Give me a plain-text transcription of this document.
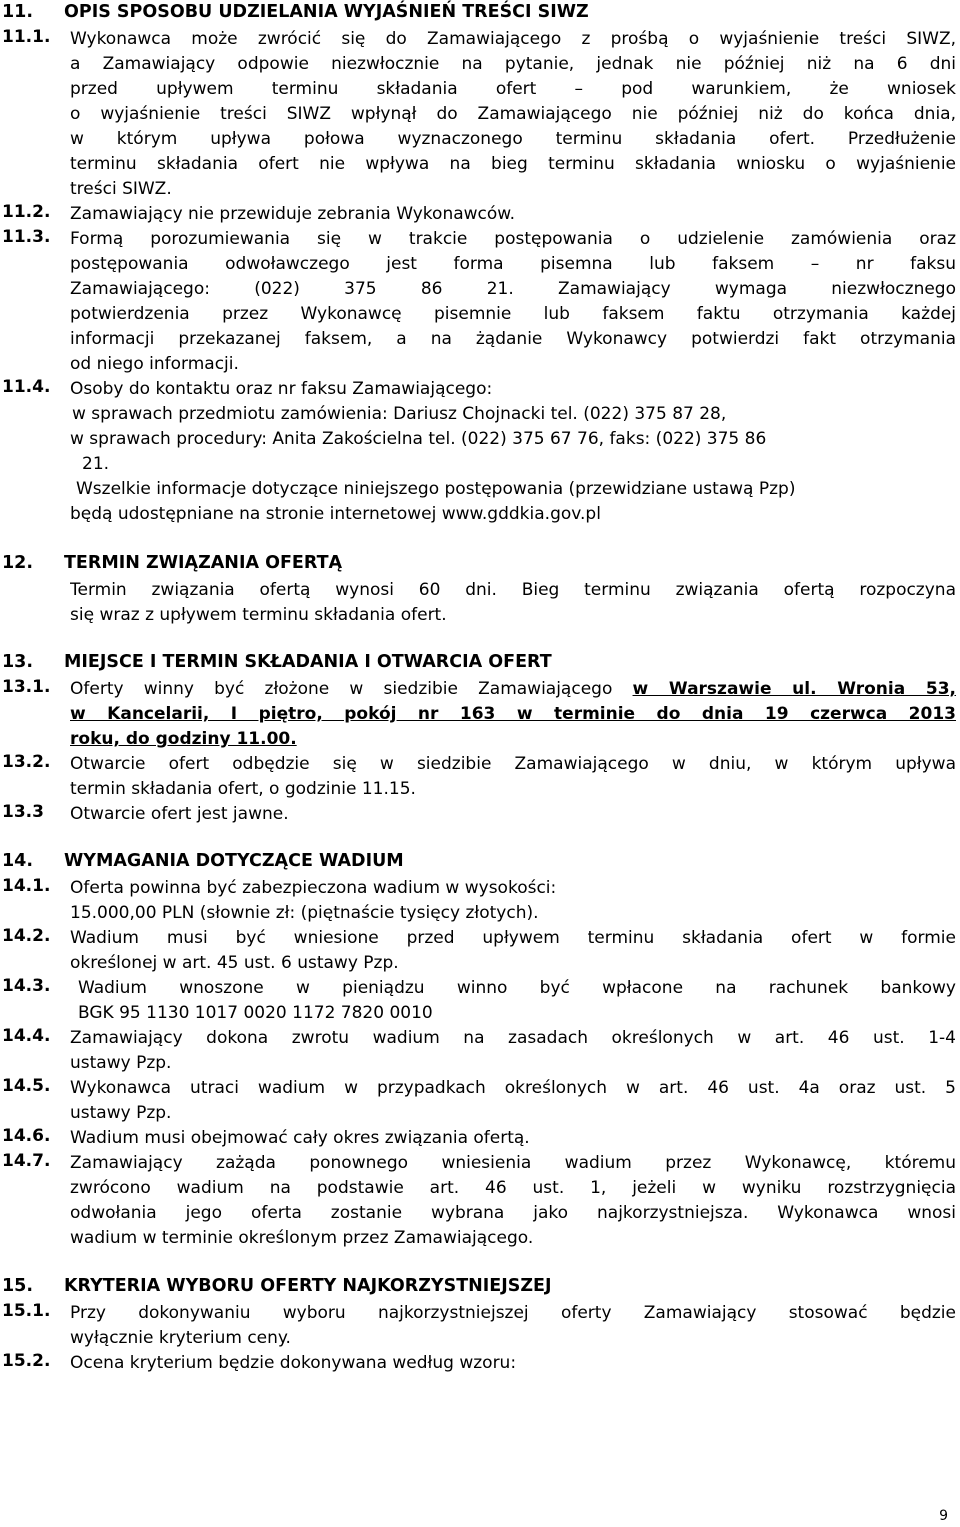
11. OPIS SPOSOBU UDZIELANIA WYJAŚNIEŃ TREŚCI SIWZ
11.1.	Wykonawca może zwrócić się do Zamawiającego z prośbą o wyjaśnienie treści SIWZ,
a Zamawiający odpowie niezwłocznie na pytanie, jednak nie później niż na 6 dni
przed upływem terminu składania ofert – pod warunkiem, że wniosek
o wyjaśnienie treści SIWZ wpłynął do Zamawiającego nie później niż do końca dnia,
w którym upływa połowa wyznaczonego terminu składania ofert. Przedłużenie
terminu składania ofert nie wpływa na bieg terminu składania wniosku o wyjaśnienie
treści SIWZ.
11.2.	Zamawiający nie przewiduje zebrania Wykonawców.
11.3.	Formą porozumiewania się w trakcie postępowania o udzielenie zamówienia oraz
postępowania odwoławczego jest forma pisemna lub faksem – nr faksu
Zamawiającego: (022) 375 86 21. Zamawiający wymaga niezwłocznego
potwierdzenia przez Wykonawcę pisemnie lub faksem faktu otrzymania każdej
informacji przekazanej faksem, a na żądanie Wykonawcy potwierdzi fakt otrzymania
od niego informacji.
11.4.	Osoby do kontaktu oraz nr faksu Zamawiającego:
w sprawach przedmiotu zamówienia: Dariusz Chojnacki tel. (022) 375 87 28,
w sprawach procedury: Anita Zakościelna tel. (022) 375 67 76, faks: (022) 375 86
21.
Wszelkie informacje dotyczące niniejszego postępowania (przewidziane ustawą Pzp)
będą udostępniane na stronie internetowej www.gddkia.gov.pl
12. TERMIN ZWIĄZANIA OFERTĄ
Termin związania ofertą wynosi 60 dni. Bieg terminu związania ofertą rozpoczyna
się wraz z upływem terminu składania ofert.
13. MIEJSCE I TERMIN SKŁADANIA I OTWARCIA OFERT
13.1.	Oferty winny być złożone w siedzibie Zamawiającego w Warszawie ul. Wronia 53,
w Kancelarii, I piętro, pokój nr 163 w terminie do dnia 19 czerwca 2013
roku, do godziny 11.00.
13.2.	Otwarcie ofert odbędzie się w siedzibie Zamawiającego w dniu, w którym upływa
termin składania ofert, o godzinie 11.15.
13.3	Otwarcie ofert jest jawne.
14. WYMAGANIA DOTYCZĄCE WADIUM
14.1.	Oferta powinna być zabezpieczona wadium w wysokości:
15.000,00 PLN (słownie zł: (piętnaście tysięcy złotych).
14.2.	Wadium musi być wniesione przed upływem terminu składania ofert w formie
określonej w art. 45 ust. 6 ustawy Pzp.
14.3.	Wadium wnoszone w pieniądzu winno być wpłacone na rachunek bankowy
BGK 95 1130 1017 0020 1172 7820 0010
14.4.	Zamawiający dokona zwrotu wadium na zasadach określonych w art. 46 ust. 1-4
ustawy Pzp.
14.5.	Wykonawca utraci wadium w przypadkach określonych w art. 46 ust. 4a oraz ust. 5
ustawy Pzp.
14.6.	Wadium musi obejmować cały okres związania ofertą.
14.7.	Zamawiający zażąda ponownego wniesienia wadium przez Wykonawcę, któremu
zwrócono wadium na podstawie art. 46 ust. 1, jeżeli w wyniku rozstrzygnięcia
odwołania jego oferta zostanie wybrana jako najkorzystniejsza. Wykonawca wnosi
wadium w terminie określonym przez Zamawiającego.
15. KRYTERIA WYBORU OFERTY NAJKORZYSTNIEJSZEJ
15.1.	Przy dokonywaniu wyboru najkorzystniejszej oferty Zamawiający stosować będzie
wyłącznie kryterium ceny.
15.2.	Ocena kryterium będzie dokonywana według wzoru:
9
